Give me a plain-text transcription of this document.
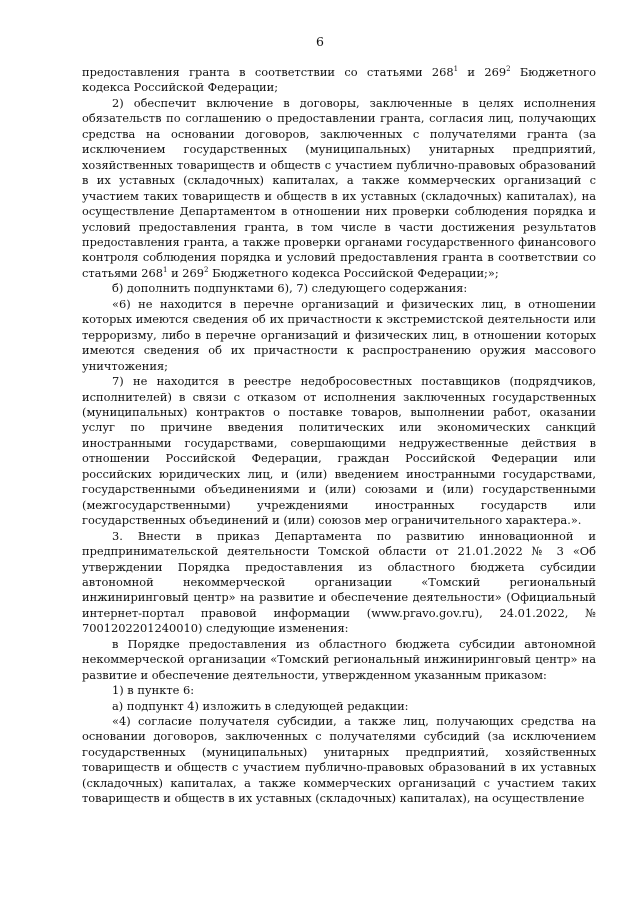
6

предоставления гранта в соответствии со статьями $268^1$ и $269^2$ Бюджетного кодекса Российской Федерации;

2) обеспечит включение в договоры, заключенные в целях исполнения обязательств по соглашению о предоставлении гранта, согласия лиц, получающих средства на основании договоров, заключенных с получателями гранта (за исключением государственных (муниципальных) унитарных предприятий, хозяйственных товариществ и обществ с участием публично-правовых образований в их уставных (складочных) капиталах, а также коммерческих организаций с участием таких товариществ и обществ в их уставных (складочных) капиталах), на осуществление Департаментом в отношении них проверки соблюдения порядка и условий предоставления гранта, в том числе в части достижения результатов предоставления гранта, а также проверки органами государственного финансового контроля соблюдения порядка и условий предоставления гранта в соответствии со статьями $268^1$ и $269^2$ Бюджетного кодекса Российской Федерации;»;

б) дополнить подпунктами 6), 7) следующего содержания:

«6) не находится в перечне организаций и физических лиц, в отношении которых имеются сведения об их причастности к экстремистской деятельности или терроризму, либо в перечне организаций и физических лиц, в отношении которых имеются сведения об их причастности к распространению оружия массового уничтожения;

7) не находится в реестре недобросовестных поставщиков (подрядчиков, исполнителей) в связи с отказом от исполнения заключенных государственных (муниципальных) контрактов о поставке товаров, выполнении работ, оказании услуг по причине введения политических или экономических санкций иностранными государствами, совершающими недружественные действия в отношении Российской Федерации, граждан Российской Федерации или российских юридических лиц, и (или) введением иностранными государствами, государственными объединениями и (или) союзами и (или) государственными (межгосударственными) учреждениями иностранных государств или государственных объединений и (или) союзов мер ограничительного характера.».

3. Внести в приказ Департамента по развитию инновационной и предпринимательской деятельности Томской области от 21.01.2022 № 3 «Об утверждении Порядка предоставления из областного бюджета субсидии автономной некоммерческой организации «Томский региональный инжиниринговый центр» на развитие и обеспечение деятельности» (Официальный интернет-портал правовой информации (www.pravo.gov.ru), 24.01.2022, № 7001202201240010) следующие изменения:

в Порядке предоставления из областного бюджета субсидии автономной некоммерческой организации «Томский региональный инжиниринговый центр» на развитие и обеспечение деятельности, утвержденном указанным приказом:

1) в пункте 6:

а) подпункт 4) изложить в следующей редакции:

«4) согласие получателя субсидии, а также лиц, получающих средства на основании договоров, заключенных с получателями субсидий (за исключением государственных (муниципальных) унитарных предприятий, хозяйственных товариществ и обществ с участием публично-правовых образований в их уставных (складочных) капиталах, а также коммерческих организаций с участием таких товариществ и обществ в их уставных (складочных) капиталах), на осуществление
